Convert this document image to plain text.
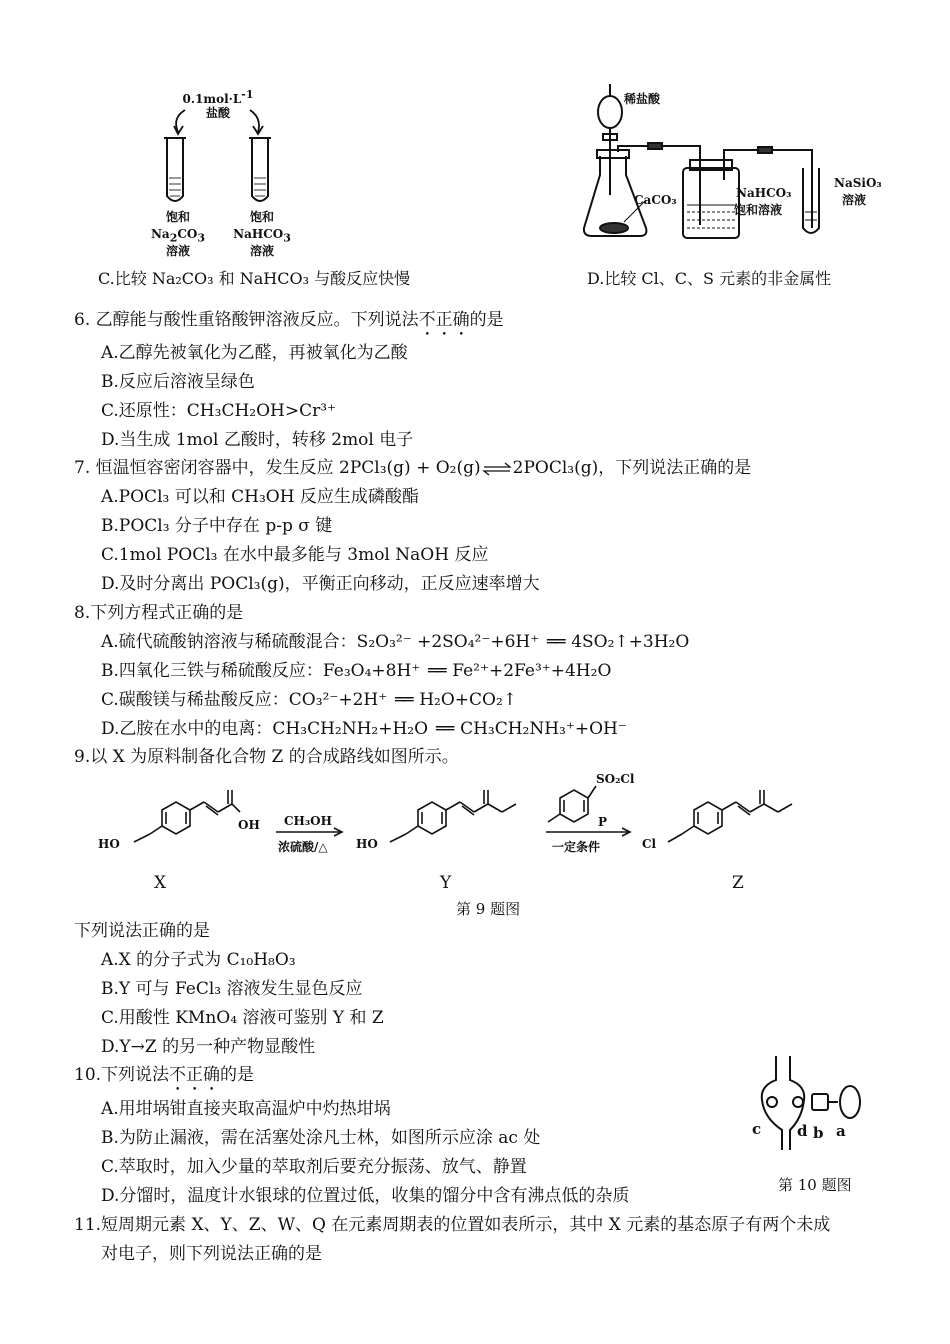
$0.1mol\cdot L^{-1}$
盐酸
饱和
$Na_2CO_3$
溶液
饱和
NaHCO$_3$
溶液
C.比较 Na₂CO₃ 和 NaHCO₃ 与酸反应快慢
稀盐酸
CaCO₃	NaHCO₃
饱和溶液
NaSiO₃
溶液
D.比较 Cl、C、S 元素的非金属性
6. 乙醇能与酸性重铬酸钾溶液反应。下列说法不正确的是
A.乙醇先被氧化为乙醛，再被氧化为乙酸
B.反应后溶液呈绿色
C.还原性：CH₃CH₂OH>Cr³⁺
D.当生成 1mol 乙酸时，转移 2mol 电子
7. 恒温恒容密闭容器中，发生反应 2PCl₃(g) + O₂(g) ⇌ 2POCl₃(g)，下列说法正确的是
A.POCl₃ 可以和 CH₃OH 反应生成磷酸酯
B.POCl₃ 分子中存在 p-p σ 键
C.1mol POCl₃ 在水中最多能与 3mol NaOH 反应
D.及时分离出 POCl₃(g)，平衡正向移动，正反应速率增大
8.下列方程式正确的是
A.硫代硫酸钠溶液与稀硫酸混合：S₂O₃²⁻ +2SO₄²⁻+6H⁺ ══ 4SO₂↑+3H₂O
B.四氧化三铁与稀硫酸反应：Fe₃O₄+8H⁺ ══ Fe²⁺+2Fe³⁺+4H₂O
C.碳酸镁与稀盐酸反应：CO₃²⁻+2H⁺ ══ H₂O+CO₂↑
D.乙胺在水中的电离：CH₃CH₂NH₂+H₂O ══ CH₃CH₂NH₃⁺+OH⁻
9.以 X 为原料制备化合物 Z 的合成路线如图所示。
HO
OH CH₃OH
浓硫酸/△ HO
SO₂Cl
P
一定条件	Cl
X	Y	Z
第 9 题图
下列说法正确的是
A.X 的分子式为 C₁₀H₈O₃
B.Y 可与 FeCl₃ 溶液发生显色反应
C.用酸性 KMnO₄ 溶液可鉴别 Y 和 Z
D.Y→Z 的另一种产物显酸性
10.下列说法不正确的是
A.用坩埚钳直接夹取高温炉中灼热坩埚
B.为防止漏液，需在活塞处涂凡士林，如图所示应涂 ac 处
C.萃取时，加入少量的萃取剂后要充分振荡、放气、静置
D.分馏时，温度计水银球的位置过低，收集的馏分中含有沸点低的杂质
c d b a
第 10 题图
11.短周期元素 X、Y、Z、W、Q 在元素周期表的位置如表所示，其中 X 元素的基态原子有两个未成
对电子，则下列说法正确的是
